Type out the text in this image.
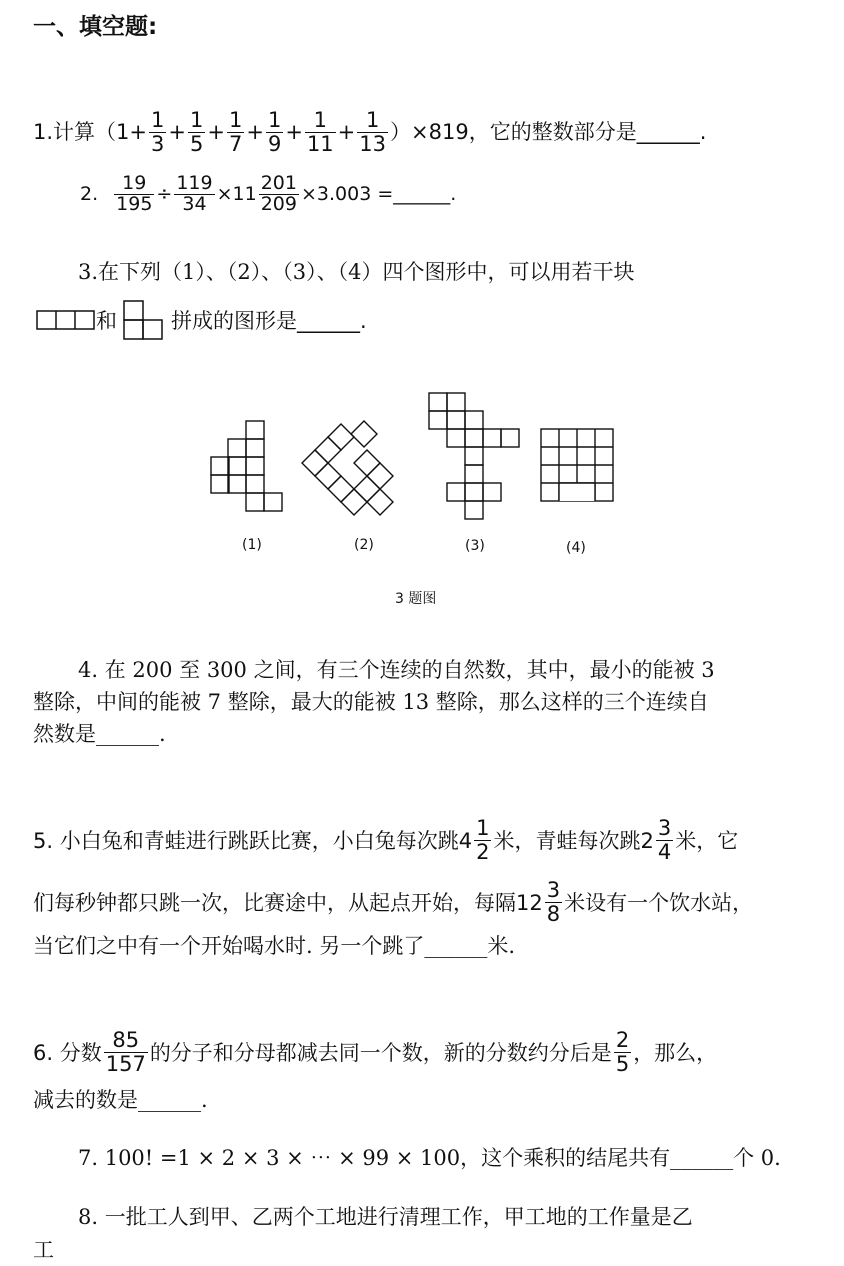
一、填空题:
1.计算$(1+ \frac{1}{3} + \frac{1}{5} + \frac{1}{7} + \frac{1}{9} + \frac{1}{11} + \frac{1}{13} )\times 819$，它的整数部分是______.
2. $\frac{19}{195} \div \frac{119}{34} \times 11 \frac{201}{209} \times 3.003$ =______.
3.在下列（1）、（2）、（3）、（4）四个图形中，可以用若干块
和	拼成的图形是______.
(1)	(2)	(3)	(4)
3 题图
4. 在 200 至 300 之间，有三个连续的自然数，其中，最小的能被 3
整除，中间的能被 7 整除，最大的能被 13 整除，那么这样的三个连续自
然数是______.
5. 小白兔和青蛙进行跳跃比赛，小白兔每次跳$4 \frac{1}{2}$ 米，青蛙每次跳$2 \frac{3}{4}$ 米，它
们每秒钟都只跳一次，比赛途中，从起点开始，每隔$12 \frac{3}{8}$ 米设有一个饮水站，
当它们之中有一个开始喝水时. 另一个跳了______米.
6. 分数 $\frac{85}{157}$ 的分子和分母都减去同一个数，新的分数约分后是 $\frac{2}{5}$ ，那么，
减去的数是______.
7. 100! =1 × 2 × 3 × ⋯ × 99 × 100，这个乘积的结尾共有______个 0.
8. 一批工人到甲、乙两个工地进行清理工作，甲工地的工作量是乙
工
